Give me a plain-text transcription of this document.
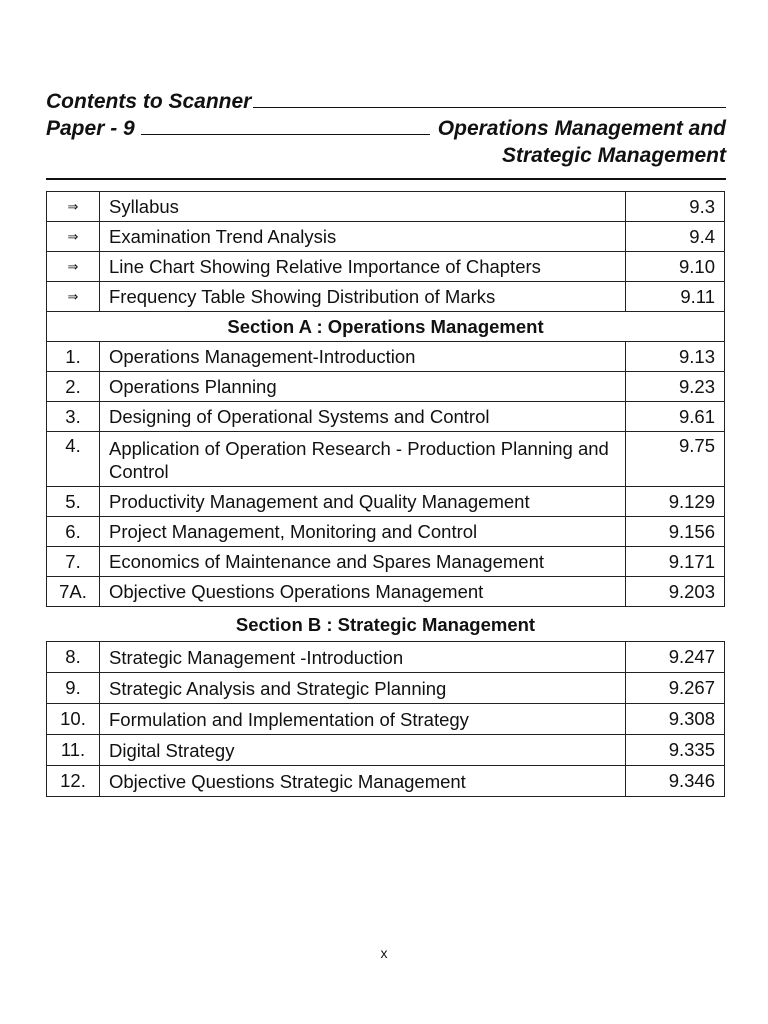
Contents to Scanner
Paper - 9	Operations Management and
Strategic Management
⇒	Syllabus	9.3
⇒	Examination Trend Analysis	9.4
⇒	Line Chart Showing Relative Importance of Chapters	9.10
⇒	Frequency Table Showing Distribution of Marks	9.11
Section A : Operations Management		
1.	Operations Management-Introduction	9.13
2.	Operations Planning	9.23
3.	Designing of Operational Systems and Control	9.61
4.	Application of Operation Research - Production Planning and Control	9.75
5.	Productivity Management and Quality Management	9.129
6.	Project Management, Monitoring and Control	9.156
7.	Economics of Maintenance and Spares Management	9.171
7A.	Objective Questions Operations Management	9.203
Section B : Strategic Management
8.	Strategic Management -Introduction	9.247
9.	Strategic Analysis and Strategic Planning	9.267
10.	Formulation and Implementation of Strategy	9.308
11.	Digital Strategy	9.335
12.	Objective Questions Strategic Management	9.346
x
